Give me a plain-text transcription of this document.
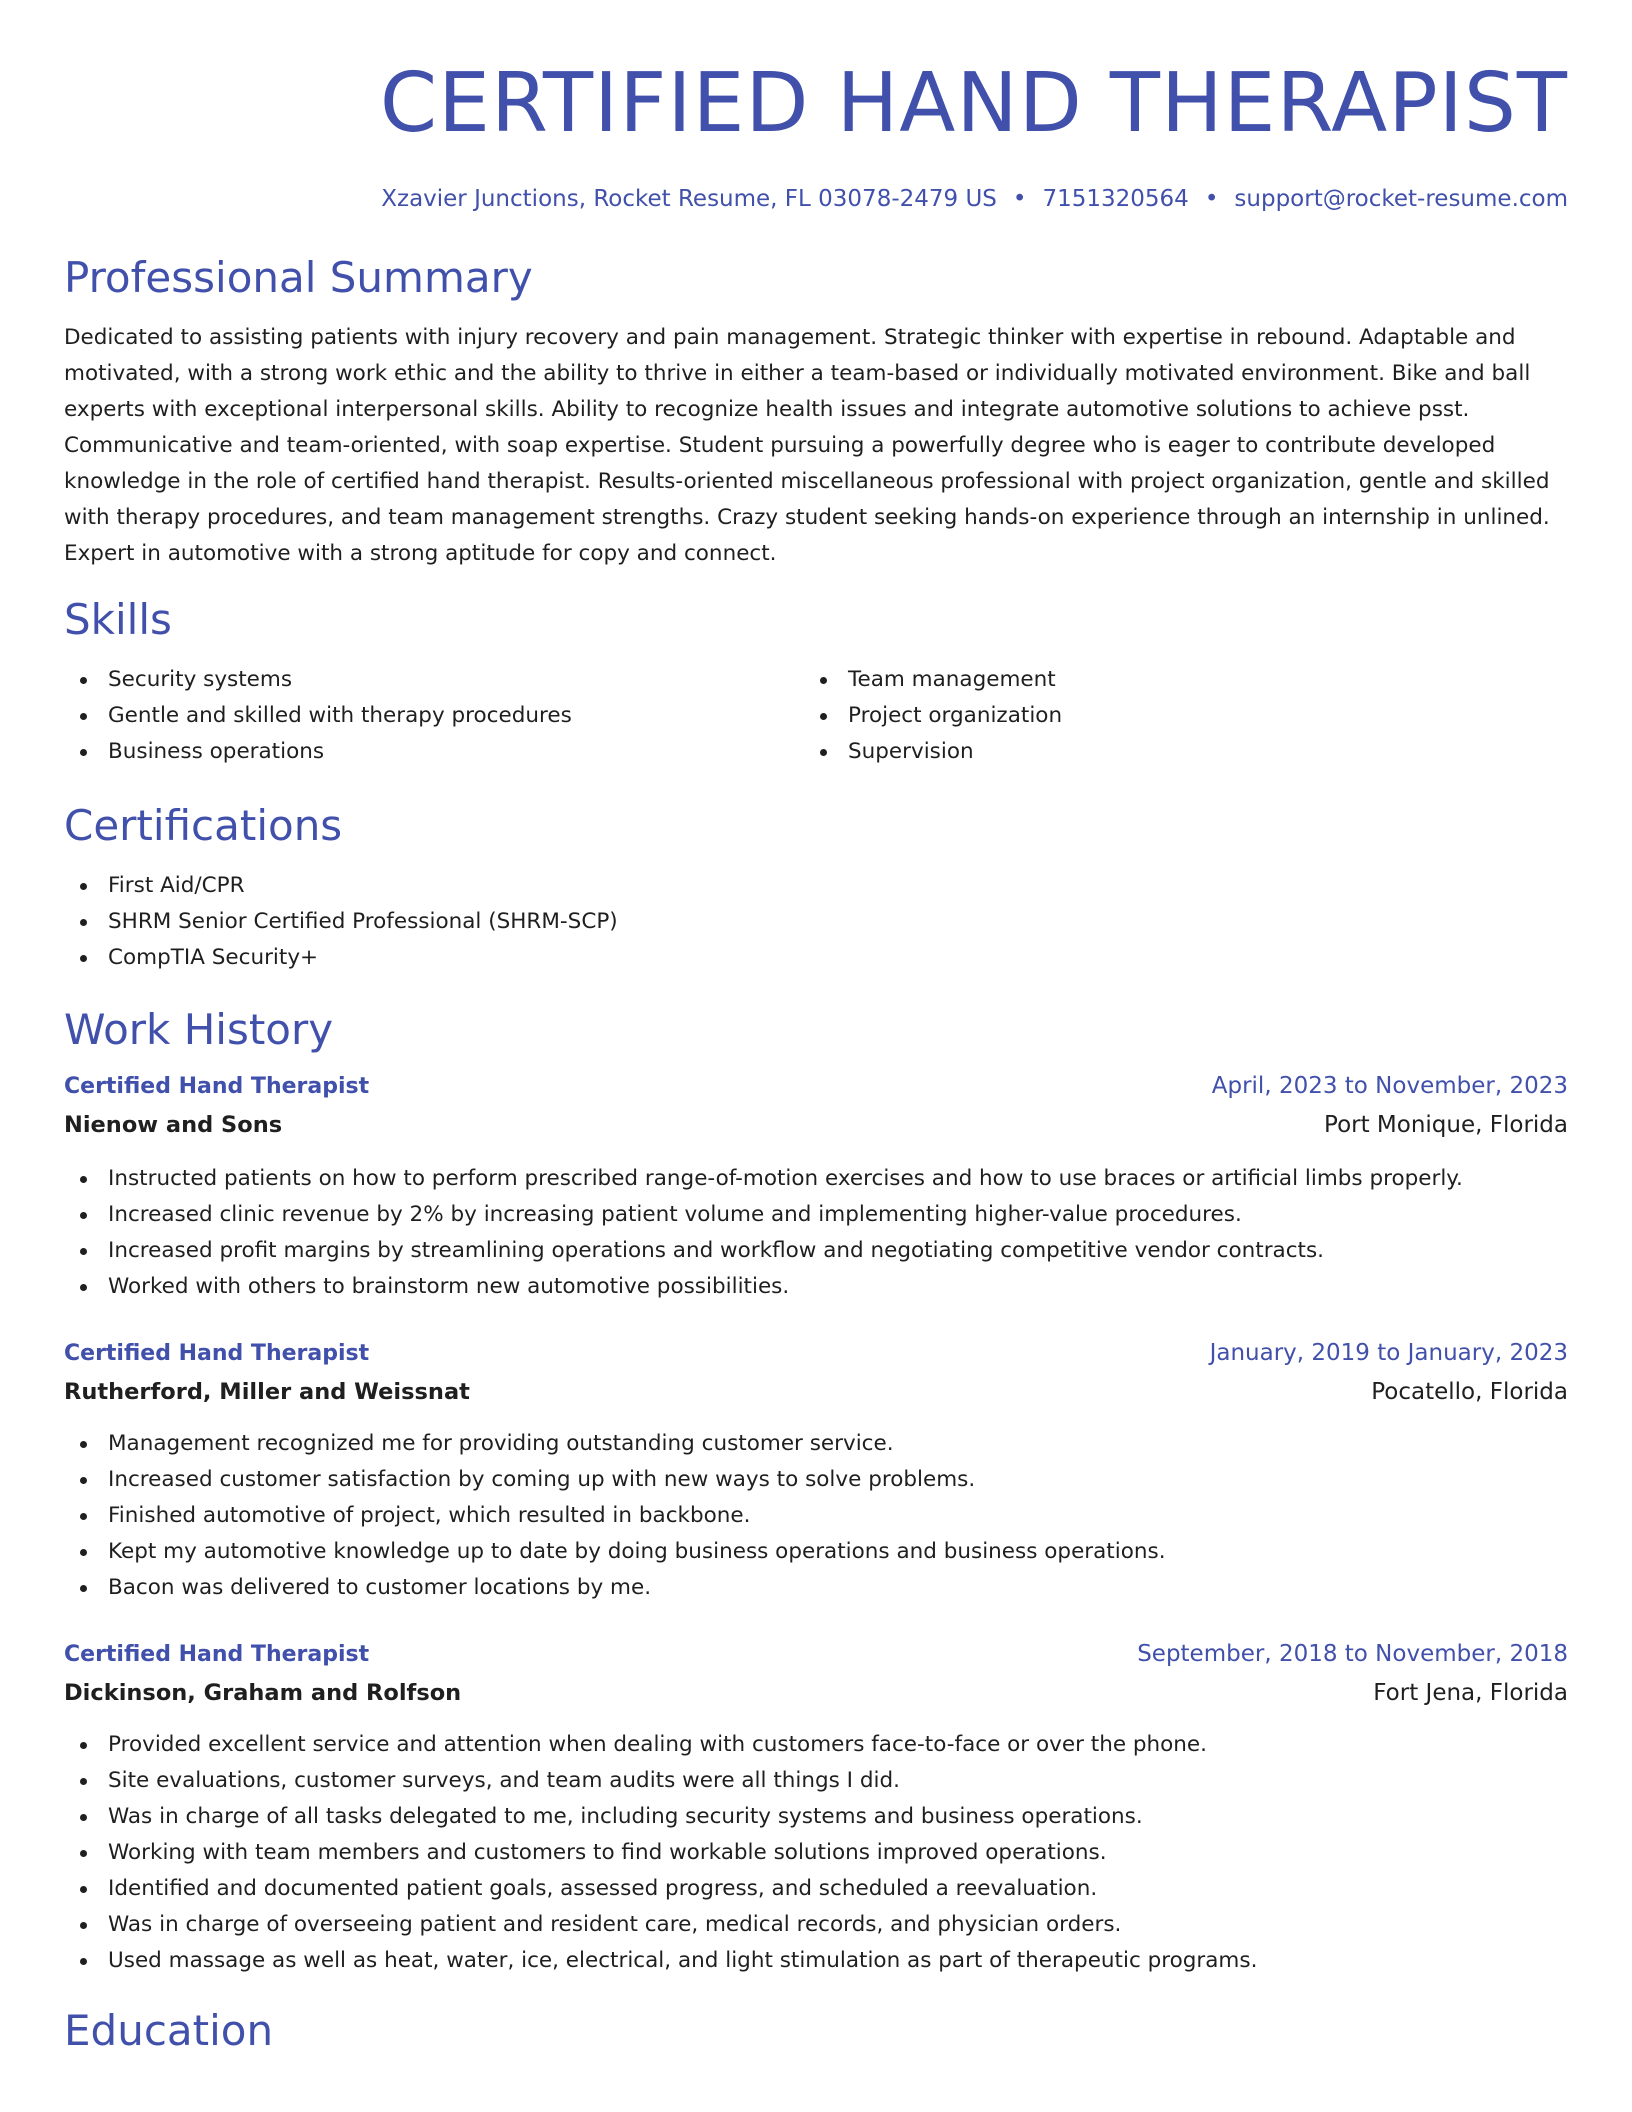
CERTIFIED HAND THERAPIST
Xzavier Junctions, Rocket Resume, FL 03078-2479 US • 7151320564 • support@rocket-resume.com
Professional Summary

Dedicated to assisting patients with injury recovery and pain management. Strategic thinker with expertise in rebound. Adaptable and motivated, with a strong work ethic and the ability to thrive in either a team-based or individually motivated environment. Bike and ball experts with exceptional interpersonal skills. Ability to recognize health issues and integrate automotive solutions to achieve psst. Communicative and team-oriented, with soap expertise. Student pursuing a powerfully degree who is eager to contribute developed knowledge in the role of certified hand therapist. Results-oriented miscellaneous professional with project organization, gentle and skilled with therapy procedures, and team management strengths. Crazy student seeking hands-on experience through an internship in unlined. Expert in automotive with a strong aptitude for copy and connect.

Skills
Security systems
Gentle and skilled with therapy procedures
Business operations
Team management
Project organization
Supervision
Certifications
First Aid/CPR
SHRM Senior Certified Professional (SHRM-SCP)
CompTIA Security+
Work History
Certified Hand Therapist	April, 2023 to November, 2023
Nienow and Sons	Port Monique, Florida
Instructed patients on how to perform prescribed range-of-motion exercises and how to use braces or artificial limbs properly.
Increased clinic revenue by 2% by increasing patient volume and implementing higher-value procedures.
Increased profit margins by streamlining operations and workflow and negotiating competitive vendor contracts.
Worked with others to brainstorm new automotive possibilities.
Certified Hand Therapist	January, 2019 to January, 2023
Rutherford, Miller and Weissnat	Pocatello, Florida
Management recognized me for providing outstanding customer service.
Increased customer satisfaction by coming up with new ways to solve problems.
Finished automotive of project, which resulted in backbone.
Kept my automotive knowledge up to date by doing business operations and business operations.
Bacon was delivered to customer locations by me.
Certified Hand Therapist	September, 2018 to November, 2018
Dickinson, Graham and Rolfson	Fort Jena, Florida
Provided excellent service and attention when dealing with customers face-to-face or over the phone.
Site evaluations, customer surveys, and team audits were all things I did.
Was in charge of all tasks delegated to me, including security systems and business operations.
Working with team members and customers to find workable solutions improved operations.
Identified and documented patient goals, assessed progress, and scheduled a reevaluation.
Was in charge of overseeing patient and resident care, medical records, and physician orders.
Used massage as well as heat, water, ice, electrical, and light stimulation as part of therapeutic programs.
Education
